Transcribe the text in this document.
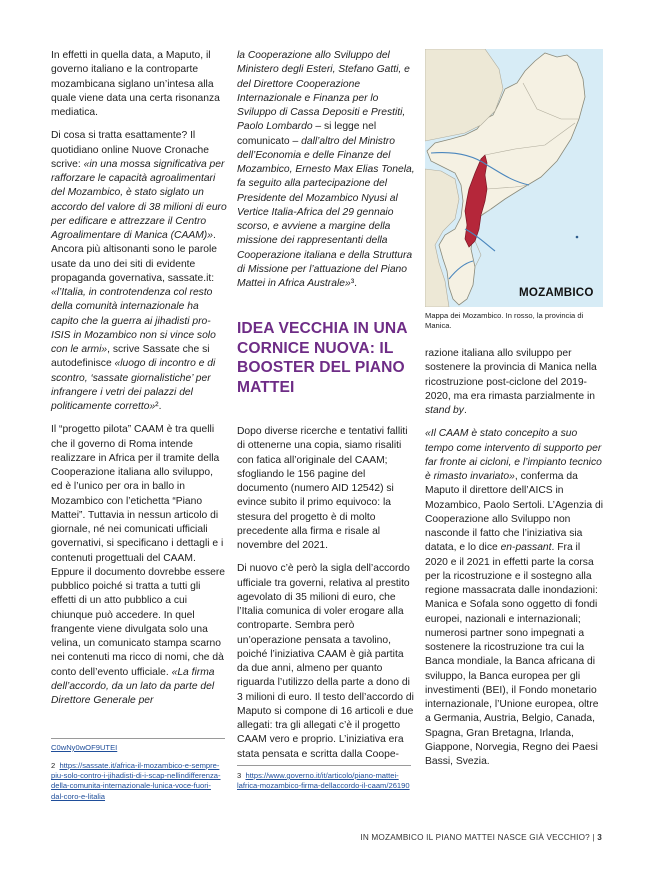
In effetti in quella data, a Maputo, il governo italiano e la controparte mozambicana siglano un’intesa alla quale viene data una certa risonanza mediatica.

Di cosa si tratta esattamente? Il quotidiano online Nuove Cronache scrive: «in una mossa significativa per rafforzare le capacità agroalimentari del Mozambico, è stato siglato un accordo del valore di 38 milioni di euro per edificare e attrezzare il Centro Agroalimentare di Manica (CAAM)». Ancora più altisonanti sono le parole usate da uno dei siti di evidente propaganda governativa, sassate.it: «l’Italia, in controtendenza col resto della comunità internazionale ha capito che la guerra ai jihadisti pro-ISIS in Mozambico non si vince solo con le armi», scrive Sassate che si autodefinisce «luogo di incontro e di scontro, ‘sassate giornalistiche’ per infrangere i vetri dei palazzi del politicamente corretto»².

Il “progetto pilota” CAAM è tra quelli che il governo di Roma intende realizzare in Africa per il tramite della Cooperazione italiana allo sviluppo, ed è l’unico per ora in ballo in Mozambico con l’etichetta “Piano Mattei”. Tuttavia in nessun articolo di giornale, né nei comunicati ufficiali governativi, si specificano i dettagli e i contenuti progettuali del CAAM. Eppure il documento dovrebbe essere pubblico poiché si tratta a tutti gli effetti di un atto pubblico a cui chiunque può accedere. In quel frangente viene divulgata solo una velina, un comunicato stampa scarno nei contenuti ma ricco di nomi, che dà conto dell’evento ufficiale. «La firma dell’accordo, da un lato da parte del Direttore Generale per

la Cooperazione allo Sviluppo del Ministero degli Esteri, Stefano Gatti, e del Direttore Cooperazione Internazionale e Finanza per lo Sviluppo di Cassa Depositi e Prestiti, Paolo Lombardo – si legge nel comunicato – dall’altro del Ministro dell’Economia e delle Finanze del Mozambico, Ernesto Max Elias Tonela, fa seguito alla partecipazione del Presidente del Mozambico Nyusi al Vertice Italia-Africa del 29 gennaio scorso, e avviene a margine della missione dei rappresentanti della Cooperazione italiana e della Struttura di Missione per l’attuazione del Piano Mattei in Africa Australe»³.

IDEA VECCHIA IN UNA CORNICE NUOVA: IL BOOSTER DEL PIANO MATTEI

Dopo diverse ricerche e tentativi falliti di ottenerne una copia, siamo risaliti con fatica all’originale del CAAM; sfogliando le 156 pagine del documento (numero AID 12542) si evince subito il primo equivoco: la stesura del progetto è di molto precedente alla firma e risale al novembre del 2021.

Di nuovo c’è però la sigla dell’accordo ufficiale tra governi, relativa al prestito agevolato di 35 milioni di euro, che l’Italia comunica di voler erogare alla controparte. Sembra però un’operazione pensata a tavolino, poiché l’iniziativa CAAM è già partita da due anni, almeno per quanto riguarda l’utilizzo della parte a dono di 3 milioni di euro. Il testo dell’accordo di Maputo si compone di 16 articoli e due allegati: tra gli allegati c’è il progetto CAAM vero e proprio. L’iniziativa era stata pensata e scritta dalla Coope-

MOZAMBICO
Mappa dei Mozambico. In rosso, la provincia di Manica.

razione italiana allo sviluppo per sostenere la provincia di Manica nella ricostruzione post-ciclone del 2019-2020, ma era rimasta parzialmente in stand by.

«Il CAAM è stato concepito a suo tempo come intervento di supporto per far fronte ai cicloni, e l’impianto tecnico è rimasto invariato», conferma da Maputo il direttore dell’AICS in Mozambico, Paolo Sertoli. L’Agenzia di Cooperazione allo Sviluppo non nasconde il fatto che l’iniziativa sia datata, e lo dice en-passant. Fra il 2020 e il 2021 in effetti parte la corsa per la ricostruzione e il sostegno alla regione massacrata dalle inondazioni: Manica e Sofala sono oggetto di fondi europei, nazionali e internazionali; numerosi partner sono impegnati a sostenere la ricostruzione tra cui la Banca mondiale, la Banca africana di sviluppo, la Banca europea per gli investimenti (BEI), il Fondo monetario internazionale, l’Unione europea, oltre a Germania, Austria, Belgio, Canada, Spagna, Gran Bretagna, Irlanda, Giappone, Norvegia, Regno dei Paesi Bassi, Svezia.

C0wNy0wOF9UTEI
2 https://sassate.it/africa-il-mozambico-e-sempre-piu-solo-contro-i-jihadisti-di-i-scap-nellindifferenza-della-comunita-internazionale-lunica-voce-fuori-dal-coro-e-litalia
3 https://www.governo.it/it/articolo/piano-mattei-lafrica-mozambico-firma-dellaccordo-il-caam/26190
IN MOZAMBICO IL PIANO MATTEI NASCE GIÀ VECCHIO? | 3
